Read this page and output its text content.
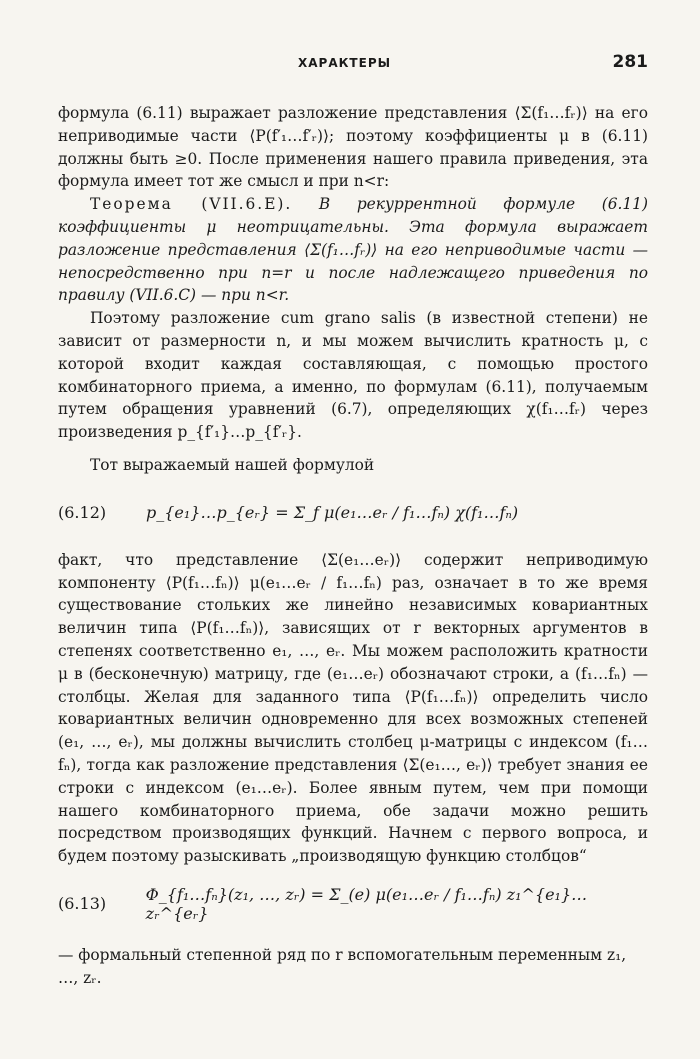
ХАРАКТЕРЫ	281

формула (6.11) выражает разложение представления ⟨Σ(f₁…fᵣ)⟩ на его неприводимые части ⟨P(f′₁…f′ᵣ)⟩; поэтому коэффициенты μ в (6.11) должны быть ≥0. После применения нашего правила приведения, эта формула имеет тот же смысл и при n<r:

Теорема (VII.6.E). В рекуррентной формуле (6.11) коэффициенты μ неотрицательны. Эта формула выражает разложение представления ⟨Σ(f₁…fᵣ)⟩ на его неприводимые части — непосредственно при n=r и после надлежащего приведения по правилу (VII.6.C) — при n<r.

Поэтому разложение cum grano salis (в известной степени) не зависит от размерности n, и мы можем вычислить кратность μ, с которой входит каждая составляющая, с помощью простого комбинаторного приема, а именно, по формулам (6.11), получаемым путем обращения уравнений (6.7), определяющих χ(f₁…fᵣ) через произведения p_{f′₁}…p_{f′ᵣ}.

Тот выражаемый нашей формулой

(6.12)	p_{e₁}…p_{eᵣ} = Σ_f μ(e₁…eᵣ / f₁…fₙ) χ(f₁…fₙ)

факт, что представление ⟨Σ(e₁…eᵣ)⟩ содержит неприводимую компоненту ⟨P(f₁…fₙ)⟩ μ(e₁…eᵣ / f₁…fₙ) раз, означает в то же время существование стольких же линейно независимых ковариантных величин типа ⟨P(f₁…fₙ)⟩, зависящих от r векторных аргументов в степенях соответственно e₁, …, eᵣ. Мы можем расположить кратности μ в (бесконечную) матрицу, где (e₁…eᵣ) обозначают строки, а (f₁…fₙ) — столбцы. Желая для заданного типа ⟨P(f₁…fₙ)⟩ определить число ковариантных величин одновременно для всех возможных степеней (e₁, …, eᵣ), мы должны вычислить столбец μ-матрицы с индексом (f₁…fₙ), тогда как разложение представления ⟨Σ(e₁…, eᵣ)⟩ требует знания ее строки с индексом (e₁…eᵣ). Более явным путем, чем при помощи нашего комбинаторного приема, обе задачи можно решить посредством производящих функций. Начнем с первого вопроса, и будем поэтому разыскивать „производящую функцию столбцов“

(6.13)	Φ_{f₁…fₙ}(z₁, …, zᵣ) = Σ_(e) μ(e₁…eᵣ / f₁…fₙ) z₁^{e₁}…zᵣ^{eᵣ}

— формальный степенной ряд по r вспомогательным переменным z₁, …, zᵣ.
